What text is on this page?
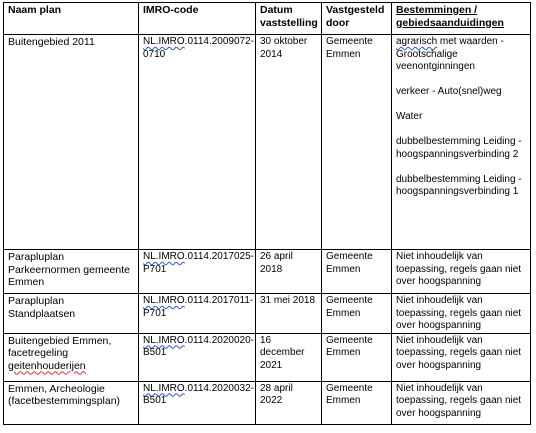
Naam plan	IMRO-code	Datum vaststelling	Vastgesteld door	Bestemmingen / gebiedsaanduidingen
Buitengebied 2011	NL.IMRO.0114.2009072-0710	30 oktober 2014	Gemeente Emmen	agrarisch met waarden - Grootschalige veenontginningen
verkeer - Auto(snel)weg
Water
dubbelbestemming Leiding - hoogspanningsverbinding 2
dubbelbestemming Leiding - hoogspanningsverbinding 1

Parapluplan Parkeernormen gemeente Emmen	NL.IMRO.0114.2017025-P701	26 april 2018	Gemeente Emmen	Niet inhoudelijk van toepassing, regels gaan niet over hoogspanning
Parapluplan Standplaatsen	NL.IMRO.0114.2017011-P701	31 mei 2018	Gemeente Emmen	Niet inhoudelijk van toepassing, regels gaan niet over hoogspanning
Buitengebied Emmen, facetregeling geitenhouderijen	NL.IMRO.0114.2020020-B501	16 december 2021	Gemeente Emmen	Niet inhoudelijk van toepassing, regels gaan niet over hoogspanning
Emmen, Archeologie (facetbestemmingsplan)	NL.IMRO.0114.2020032-B501	28 april 2022	Gemeente Emmen	Niet inhoudelijk van toepassing, regels gaan niet over hoogspanning
